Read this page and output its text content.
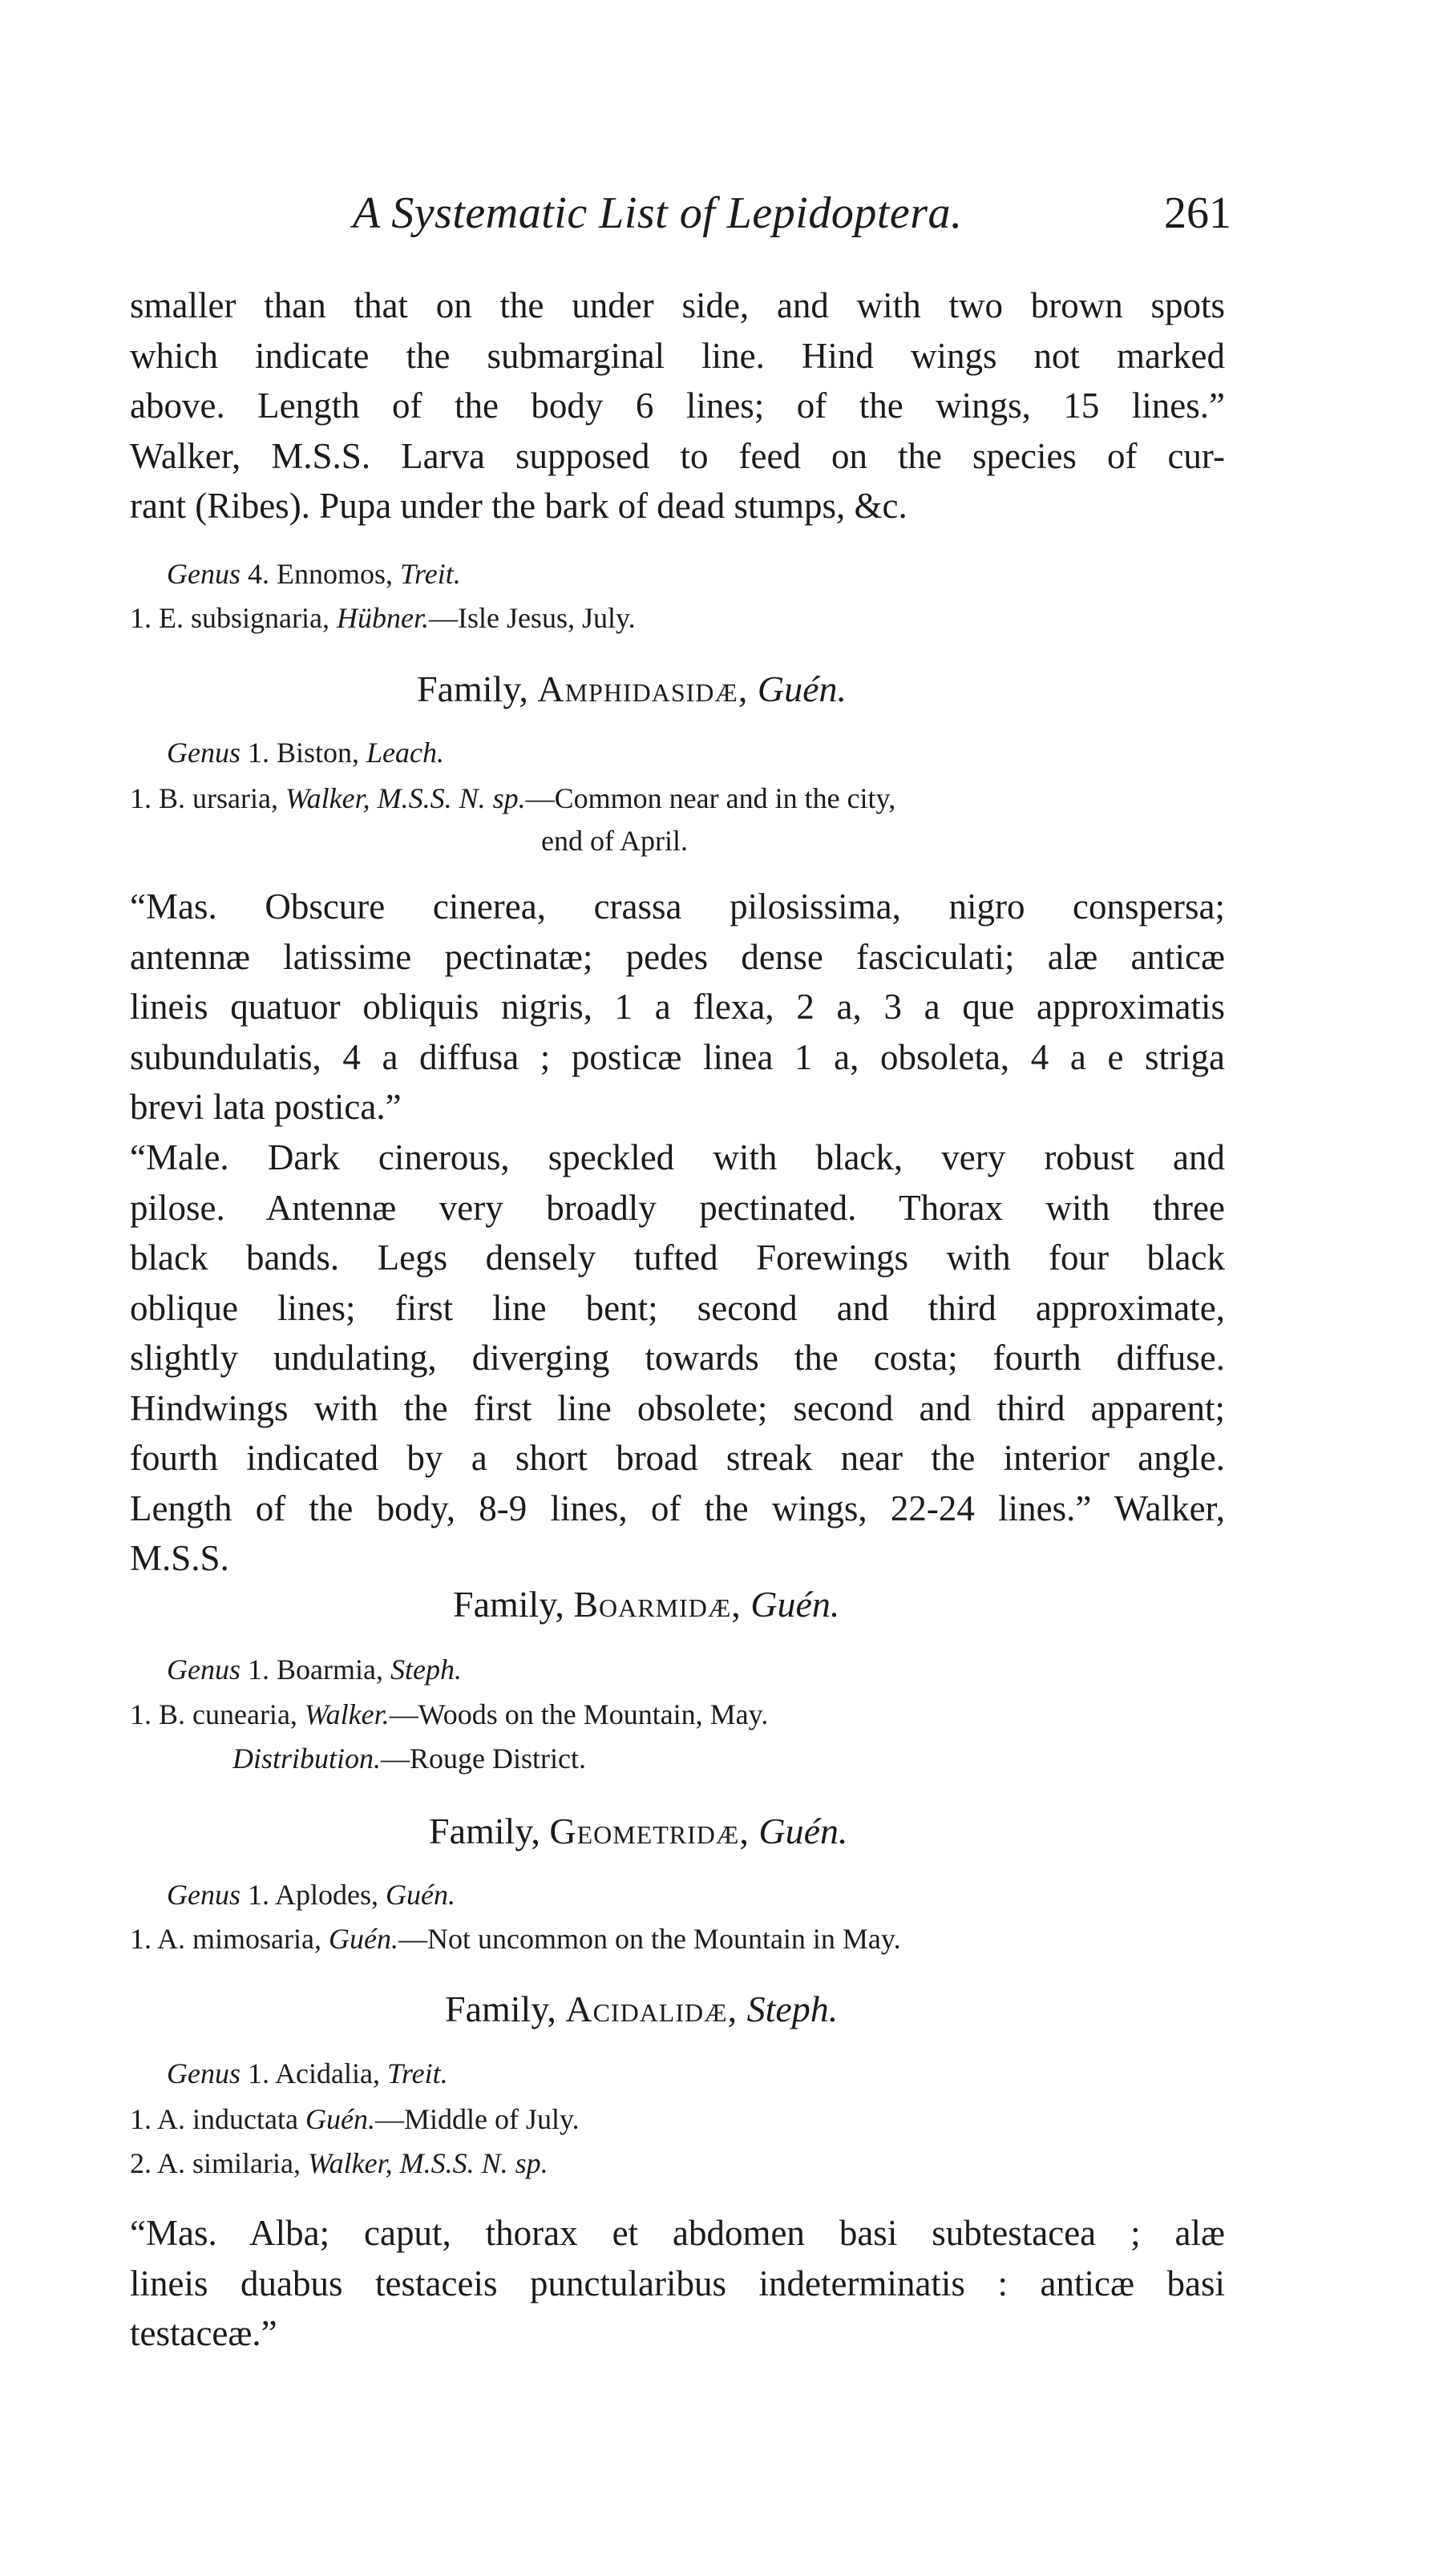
A Systematic List of Lepidoptera.	261
smaller than that on the under side, and with two brown spots
which indicate the submarginal line. Hind wings not marked
above. Length of the body 6 lines; of the wings, 15 lines.”
Walker, M.S.S. Larva supposed to feed on the species of cur-
rant (Ribes). Pupa under the bark of dead stumps, &c.
Genus 4. Ennomos, Treit.
1. E. subsignaria, Hübner.—Isle Jesus, July.
Family, Amphidasidæ, Guén.
Genus 1. Biston, Leach.
1. B. ursaria, Walker, M.S.S. N. sp.—Common near and in the city,
end of April.
“Mas. Obscure cinerea, crassa pilosissima, nigro conspersa;
antennæ latissime pectinatæ; pedes dense fasciculati; alæ anticæ
lineis quatuor obliquis nigris, 1 a flexa, 2 a, 3 a que approximatis
subundulatis, 4 a diffusa ; posticæ linea 1 a, obsoleta, 4 a e striga
brevi lata postica.”
“Male. Dark cinerous, speckled with black, very robust and
pilose. Antennæ very broadly pectinated. Thorax with three
black bands. Legs densely tufted Forewings with four black
oblique lines; first line bent; second and third approximate,
slightly undulating, diverging towards the costa; fourth diffuse.
Hindwings with the first line obsolete; second and third apparent;
fourth indicated by a short broad streak near the interior angle.
Length of the body, 8-9 lines, of the wings, 22-24 lines.” Walker,
M.S.S.
Family, Boarmidæ, Guén.
Genus 1. Boarmia, Steph.
1. B. cunearia, Walker.—Woods on the Mountain, May.
Distribution.—Rouge District.
Family, Geometridæ, Guén.
Genus 1. Aplodes, Guén.
1. A. mimosaria, Guén.—Not uncommon on the Mountain in May.
Family, Acidalidæ, Steph.
Genus 1. Acidalia, Treit.
1. A. inductata Guén.—Middle of July.
2. A. similaria, Walker, M.S.S. N. sp.
“Mas. Alba; caput, thorax et abdomen basi subtestacea ; alæ
lineis duabus testaceis punctularibus indeterminatis : anticæ basi
testaceæ.”
